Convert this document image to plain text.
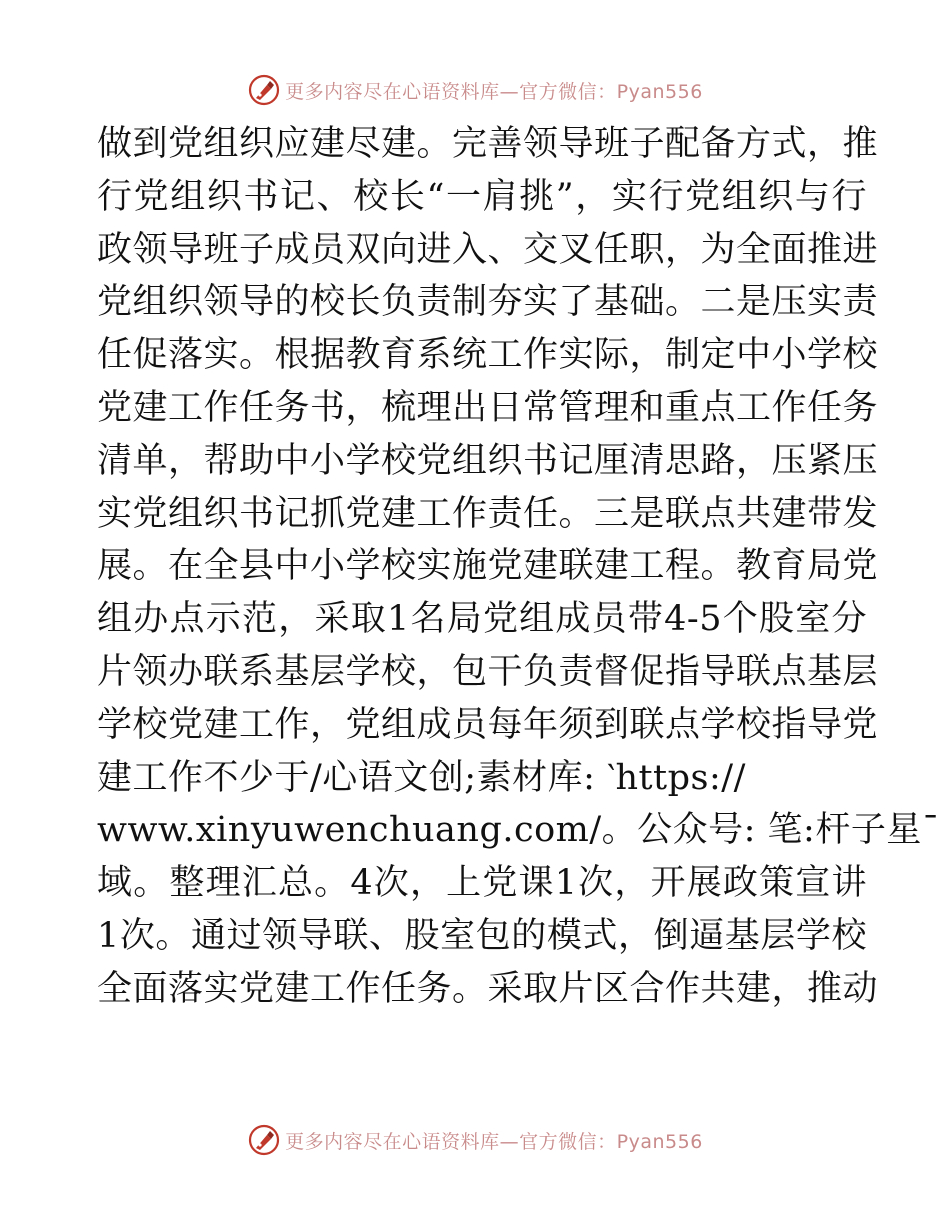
更多内容尽在心语资料库—官方微信：Pyan556
做到党组织应建尽建。完善领导班子配备方式，推
行党组织书记、校长“一肩挑”，实行党组织与行
政领导班子成员双向进入、交叉任职，为全面推进
党组织领导的校长负责制夯实了基础。二是压实责
任促落实。根据教育系统工作实际，制定中小学校
党建工作任务书，梳理出日常管理和重点工作任务
清单，帮助中小学校党组织书记厘清思路，压紧压
实党组织书记抓党建工作责任。三是联点共建带发
展。在全县中小学校实施党建联建工程。教育局党
组办点示范，采取1名局党组成员带4-5个股室分
片领办联系基层学校，包干负责督促指导联点基层
学校党建工作，党组成员每年须到联点学校指导党
建工作不少于/心语文创;素材库: ‵https://
www.xinyuwenchuang.com/。公众号: 笔:杆子星¯
域。整理汇总。4次，上党课1次，开展政策宣讲
1次。通过领导联、股室包的模式，倒逼基层学校
全面落实党建工作任务。采取片区合作共建，推动
更多内容尽在心语资料库—官方微信：Pyan556
